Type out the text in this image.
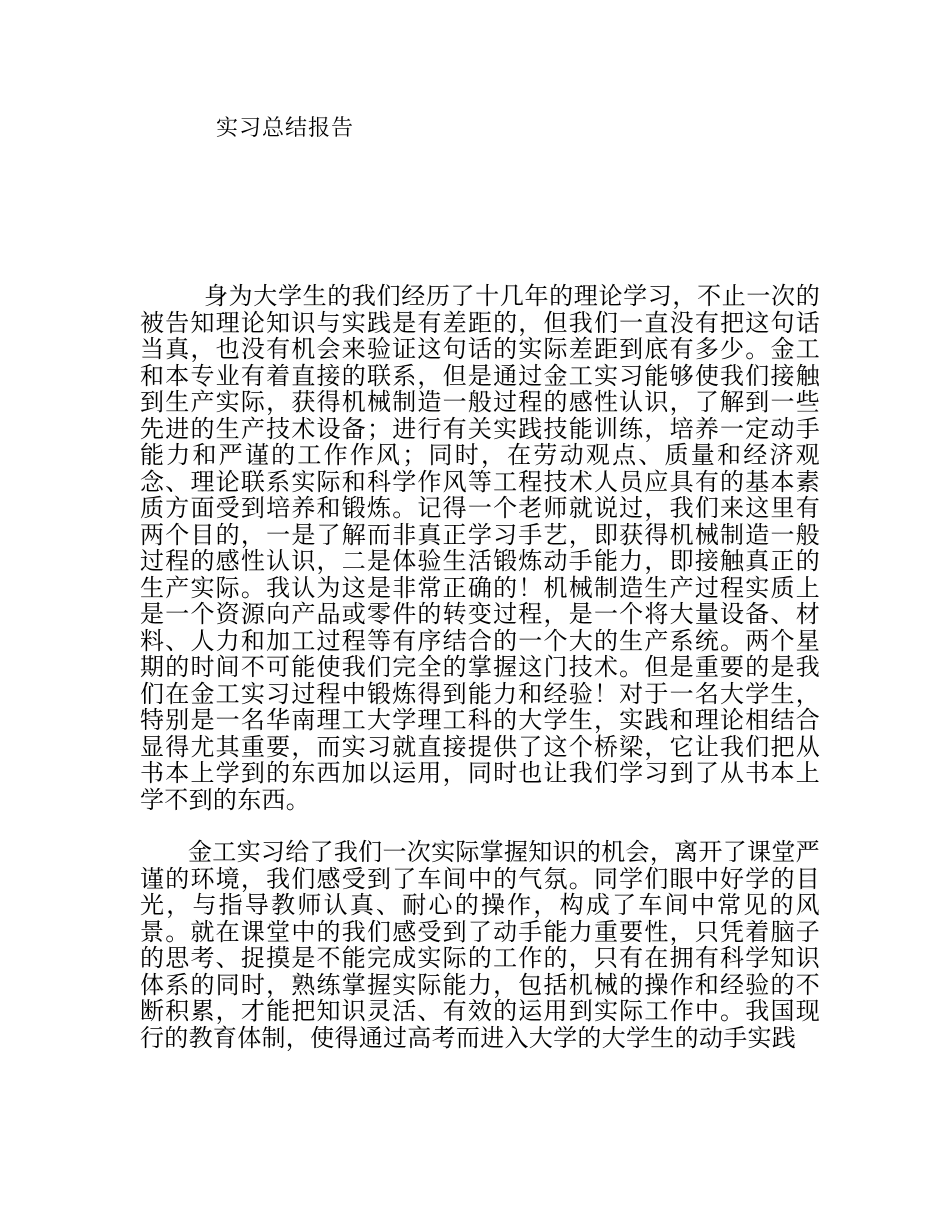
实习总结报告

身为大学生的我们经历了十几年的理论学习，不止一次的被告知理论知识与实践是有差距的，但我们一直没有把这句话当真，也没有机会来验证这句话的实际差距到底有多少。金工和本专业有着直接的联系，但是通过金工实习能够使我们接触到生产实际，获得机械制造一般过程的感性认识，了解到一些先进的生产技术设备；进行有关实践技能训练，培养一定动手能力和严谨的工作作风；同时，在劳动观点、质量和经济观念、理论联系实际和科学作风等工程技术人员应具有的基本素质方面受到培养和锻炼。记得一个老师就说过，我们来这里有两个目的，一是了解而非真正学习手艺，即获得机械制造一般过程的感性认识，二是体验生活锻炼动手能力，即接触真正的生产实际。我认为这是非常正确的！机械制造生产过程实质上是一个资源向产品或零件的转变过程，是一个将大量设备、材料、人力和加工过程等有序结合的一个大的生产系统。两个星期的时间不可能使我们完全的掌握这门技术。但是重要的是我们在金工实习过程中锻炼得到能力和经验！对于一名大学生，特别是一名华南理工大学理工科的大学生，实践和理论相结合显得尤其重要，而实习就直接提供了这个桥梁，它让我们把从书本上学到的东西加以运用，同时也让我们学习到了从书本上学不到的东西。

金工实习给了我们一次实际掌握知识的机会，离开了课堂严谨的环境，我们感受到了车间中的气氛。同学们眼中好学的目光，与指导教师认真、耐心的操作，构成了车间中常见的风景。就在课堂中的我们感受到了动手能力重要性，只凭着脑子的思考、捉摸是不能完成实际的工作的，只有在拥有科学知识体系的同时，熟练掌握实际能力，包括机械的操作和经验的不断积累，才能把知识灵活、有效的运用到实际工作中。我国现行的教育体制，使得通过高考而进入大学的大学生的动手实践
